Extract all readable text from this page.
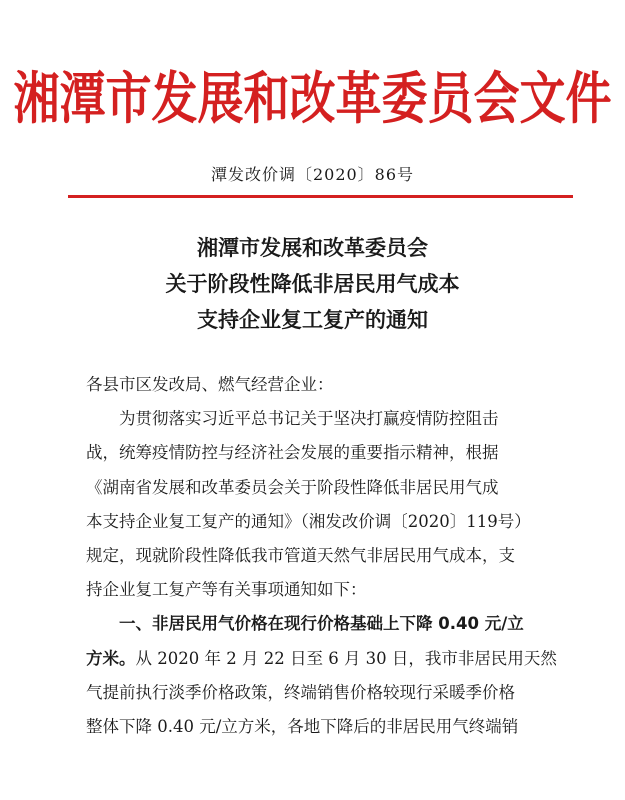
湘潭市发展和改革委员会文件
潭发改价调〔2020〕86号
湘潭市发展和改革委员会
关于阶段性降低非居民用气成本
支持企业复工复产的通知
各县市区发改局、燃气经营企业：
为贯彻落实习近平总书记关于坚决打赢疫情防控阻击
战，统筹疫情防控与经济社会发展的重要指示精神，根据
《湖南省发展和改革委员会关于阶段性降低非居民用气成
本支持企业复工复产的通知》（湘发改价调〔2020〕119号）
规定，现就阶段性降低我市管道天然气非居民用气成本，支
持企业复工复产等有关事项通知如下：
一、非居民用气价格在现行价格基础上下降 0.40 元/立
方米。从 2020 年 2 月 22 日至 6 月 30 日，我市非居民用天然
气提前执行淡季价格政策，终端销售价格较现行采暖季价格
整体下降 0.40 元/立方米，各地下降后的非居民用气终端销
